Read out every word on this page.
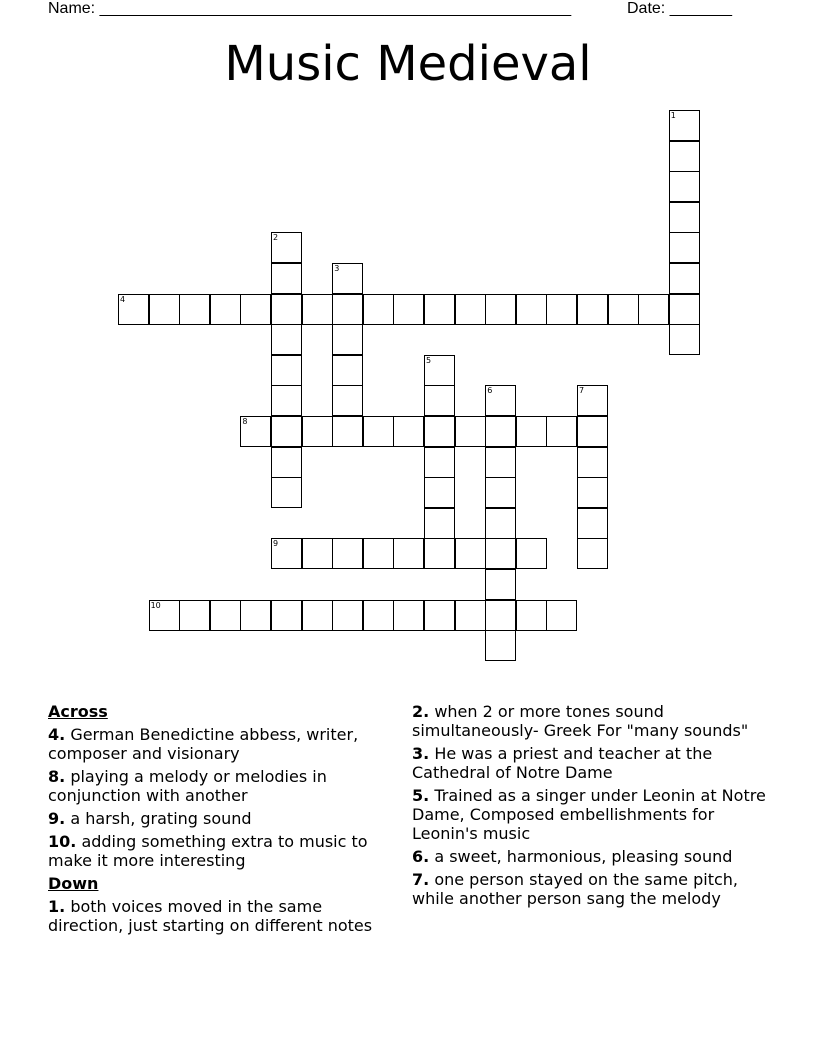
Name: _____________________________________________________	Date: _______
Music Medieval
1
2
3
4
5
6	7
8
9
10
Across
4. German Benedictine abbess, writer, composer and visionary
8. playing a melody or melodies in conjunction with another
9. a harsh, grating sound
10. adding something extra to music to make it more interesting
Down
1. both voices moved in the same direction, just starting on different notes
2. when 2 or more tones sound simultaneously- Greek For "many sounds"
3. He was a priest and teacher at the Cathedral of Notre Dame
5. Trained as a singer under Leonin at Notre Dame, Composed embellishments for Leonin's music
6. a sweet, harmonious, pleasing sound
7. one person stayed on the same pitch, while another person sang the melody
